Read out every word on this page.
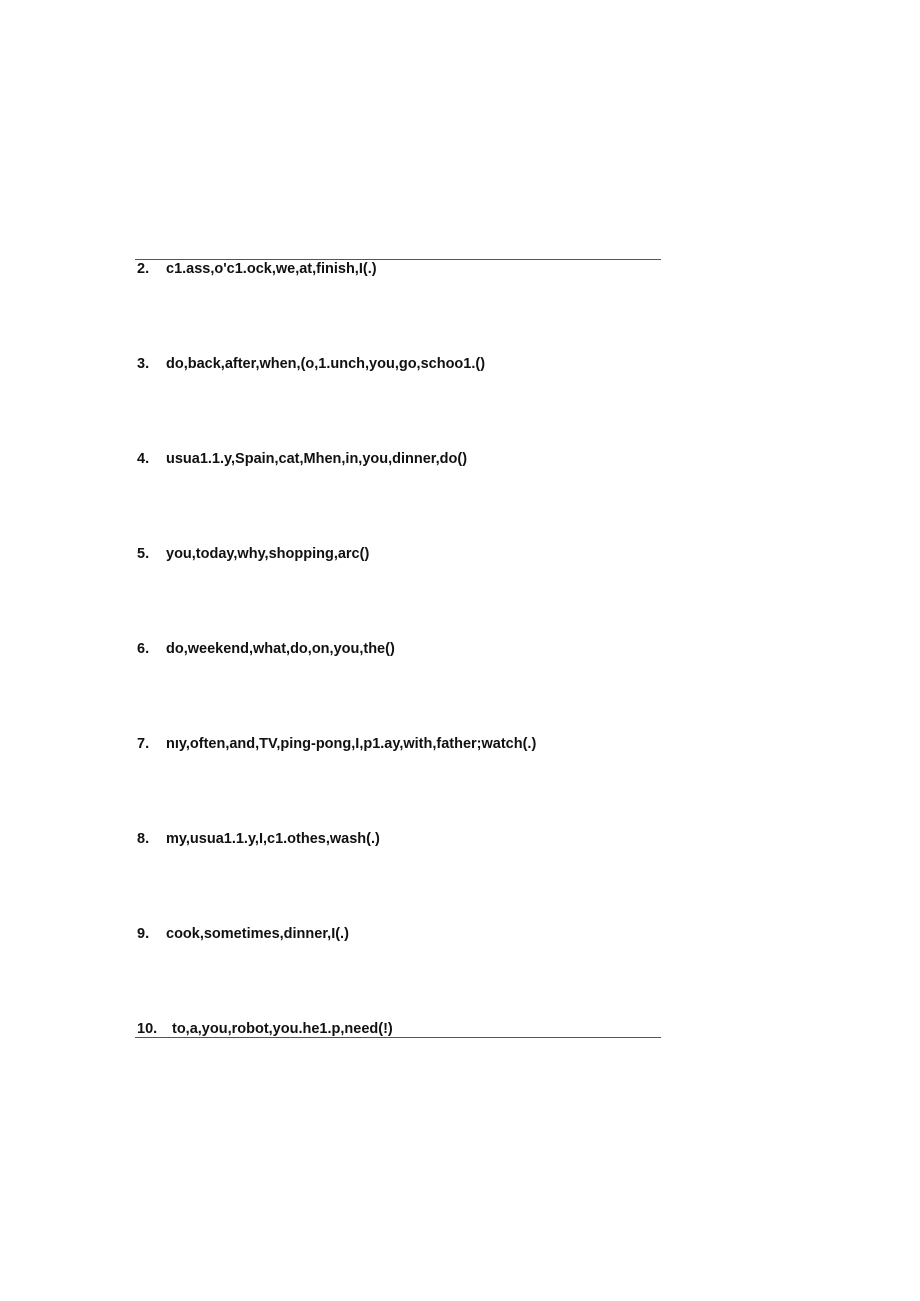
2. c1.ass,o'c1.ock,we,at,finish,I(.)
3. do,back,after,when,(o,1.unch,you,go,schoo1.()
4. usua1.1.y,Spain,cat,Mhen,in,you,dinner,do()
5. you,today,why,shopping,arc()
6. do,weekend,what,do,on,you,the()
7. nıy,often,and,TV,ping-pong,I,p1.ay,with,father;watch(.)
8. my,usua1.1.y,I,c1.othes,wash(.)
9. cook,sometimes,dinner,I(.)
10. to,a,you,robot,you.he1.p,need(!)
